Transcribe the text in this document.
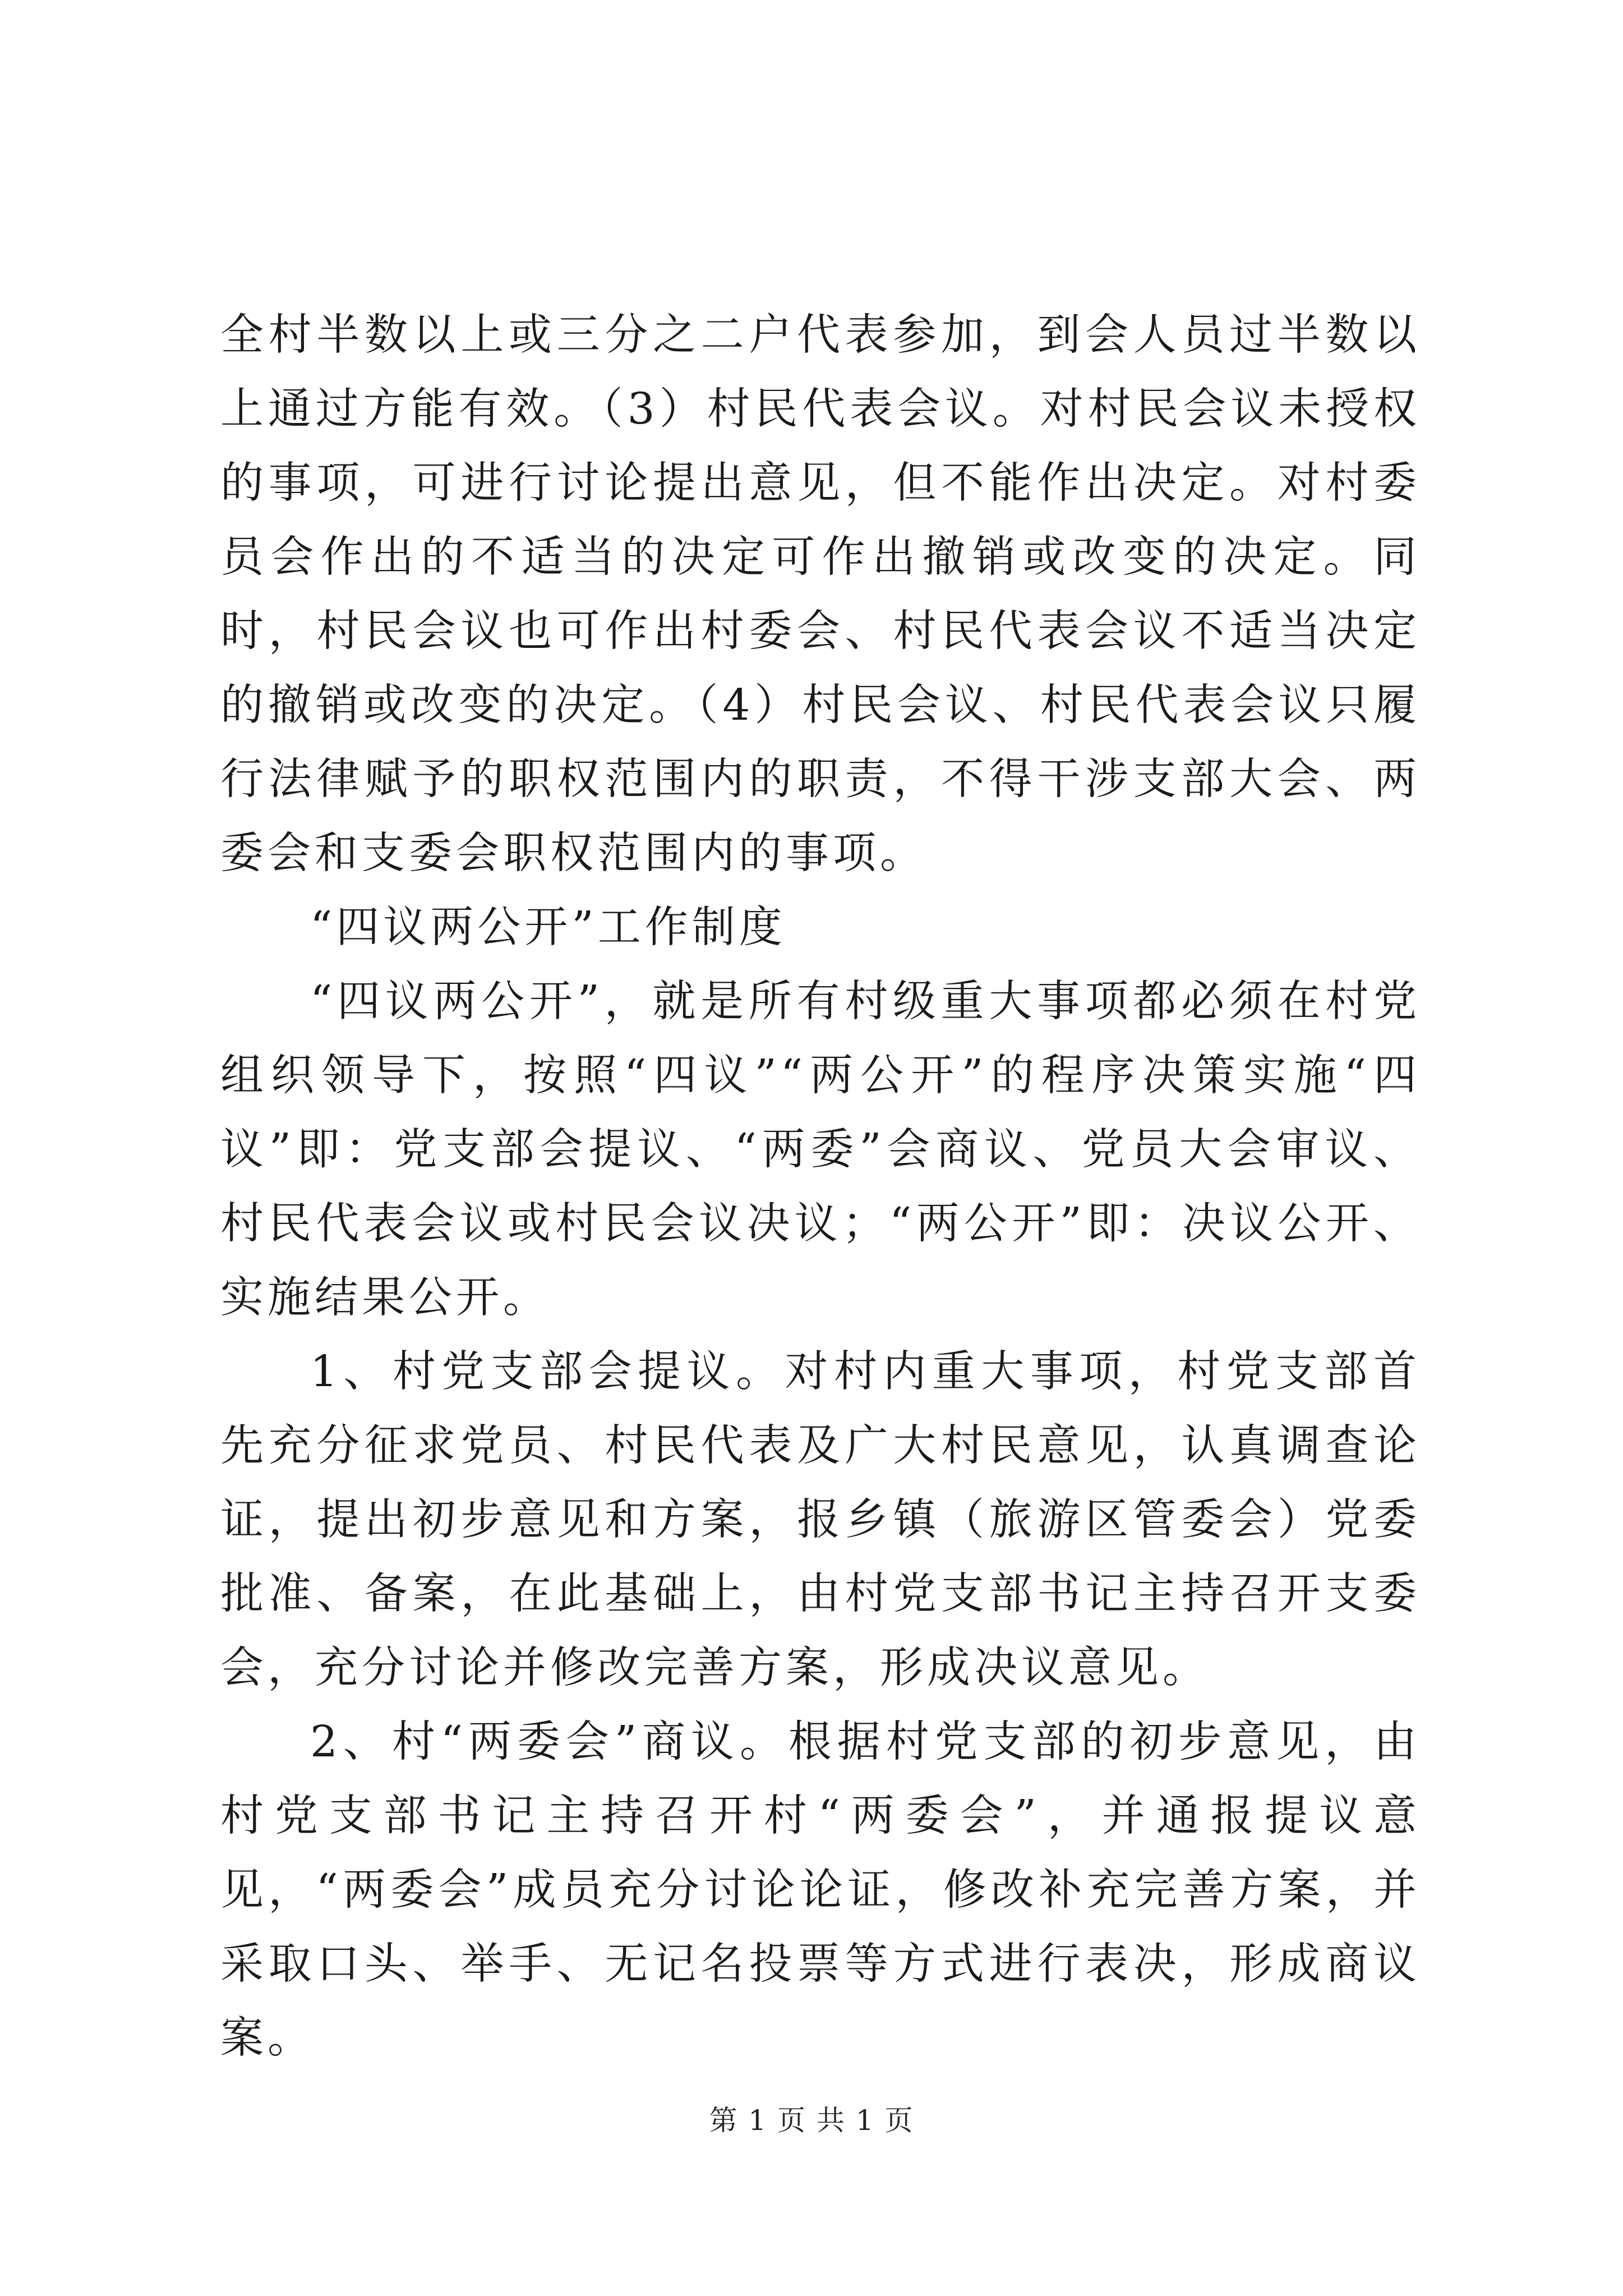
全村半数以上或三分之二户代表参加，到会人员过半数以上通过方能有效。（3）村民代表会议。对村民会议未授权的事项，可进行讨论提出意见，但不能作出决定。对村委员会作出的不适当的决定可作出撤销或改变的决定。同时，村民会议也可作出村委会、村民代表会议不适当决定的撤销或改变的决定。（4）村民会议、村民代表会议只履行法律赋予的职权范围内的职责，不得干涉支部大会、两委会和支委会职权范围内的事项。

“四议两公开”工作制度

“四议两公开”，就是所有村级重大事项都必须在村党组织领导下，按照“四议”“两公开”的程序决策实施“四议”即：党支部会提议、“两委”会商议、党员大会审议、村民代表会议或村民会议决议；“两公开”即：决议公开、实施结果公开。

1、村党支部会提议。对村内重大事项，村党支部首先充分征求党员、村民代表及广大村民意见，认真调查论证，提出初步意见和方案，报乡镇（旅游区管委会）党委批准、备案，在此基础上，由村党支部书记主持召开支委会，充分讨论并修改完善方案，形成决议意见。

2、村“两委会”商议。根据村党支部的初步意见，由村党支部书记主持召开村“两委会”，并通报提议意见，“两委会”成员充分讨论论证，修改补充完善方案，并采取口头、举手、无记名投票等方式进行表决，形成商议案。

第 1 页 共 1 页
